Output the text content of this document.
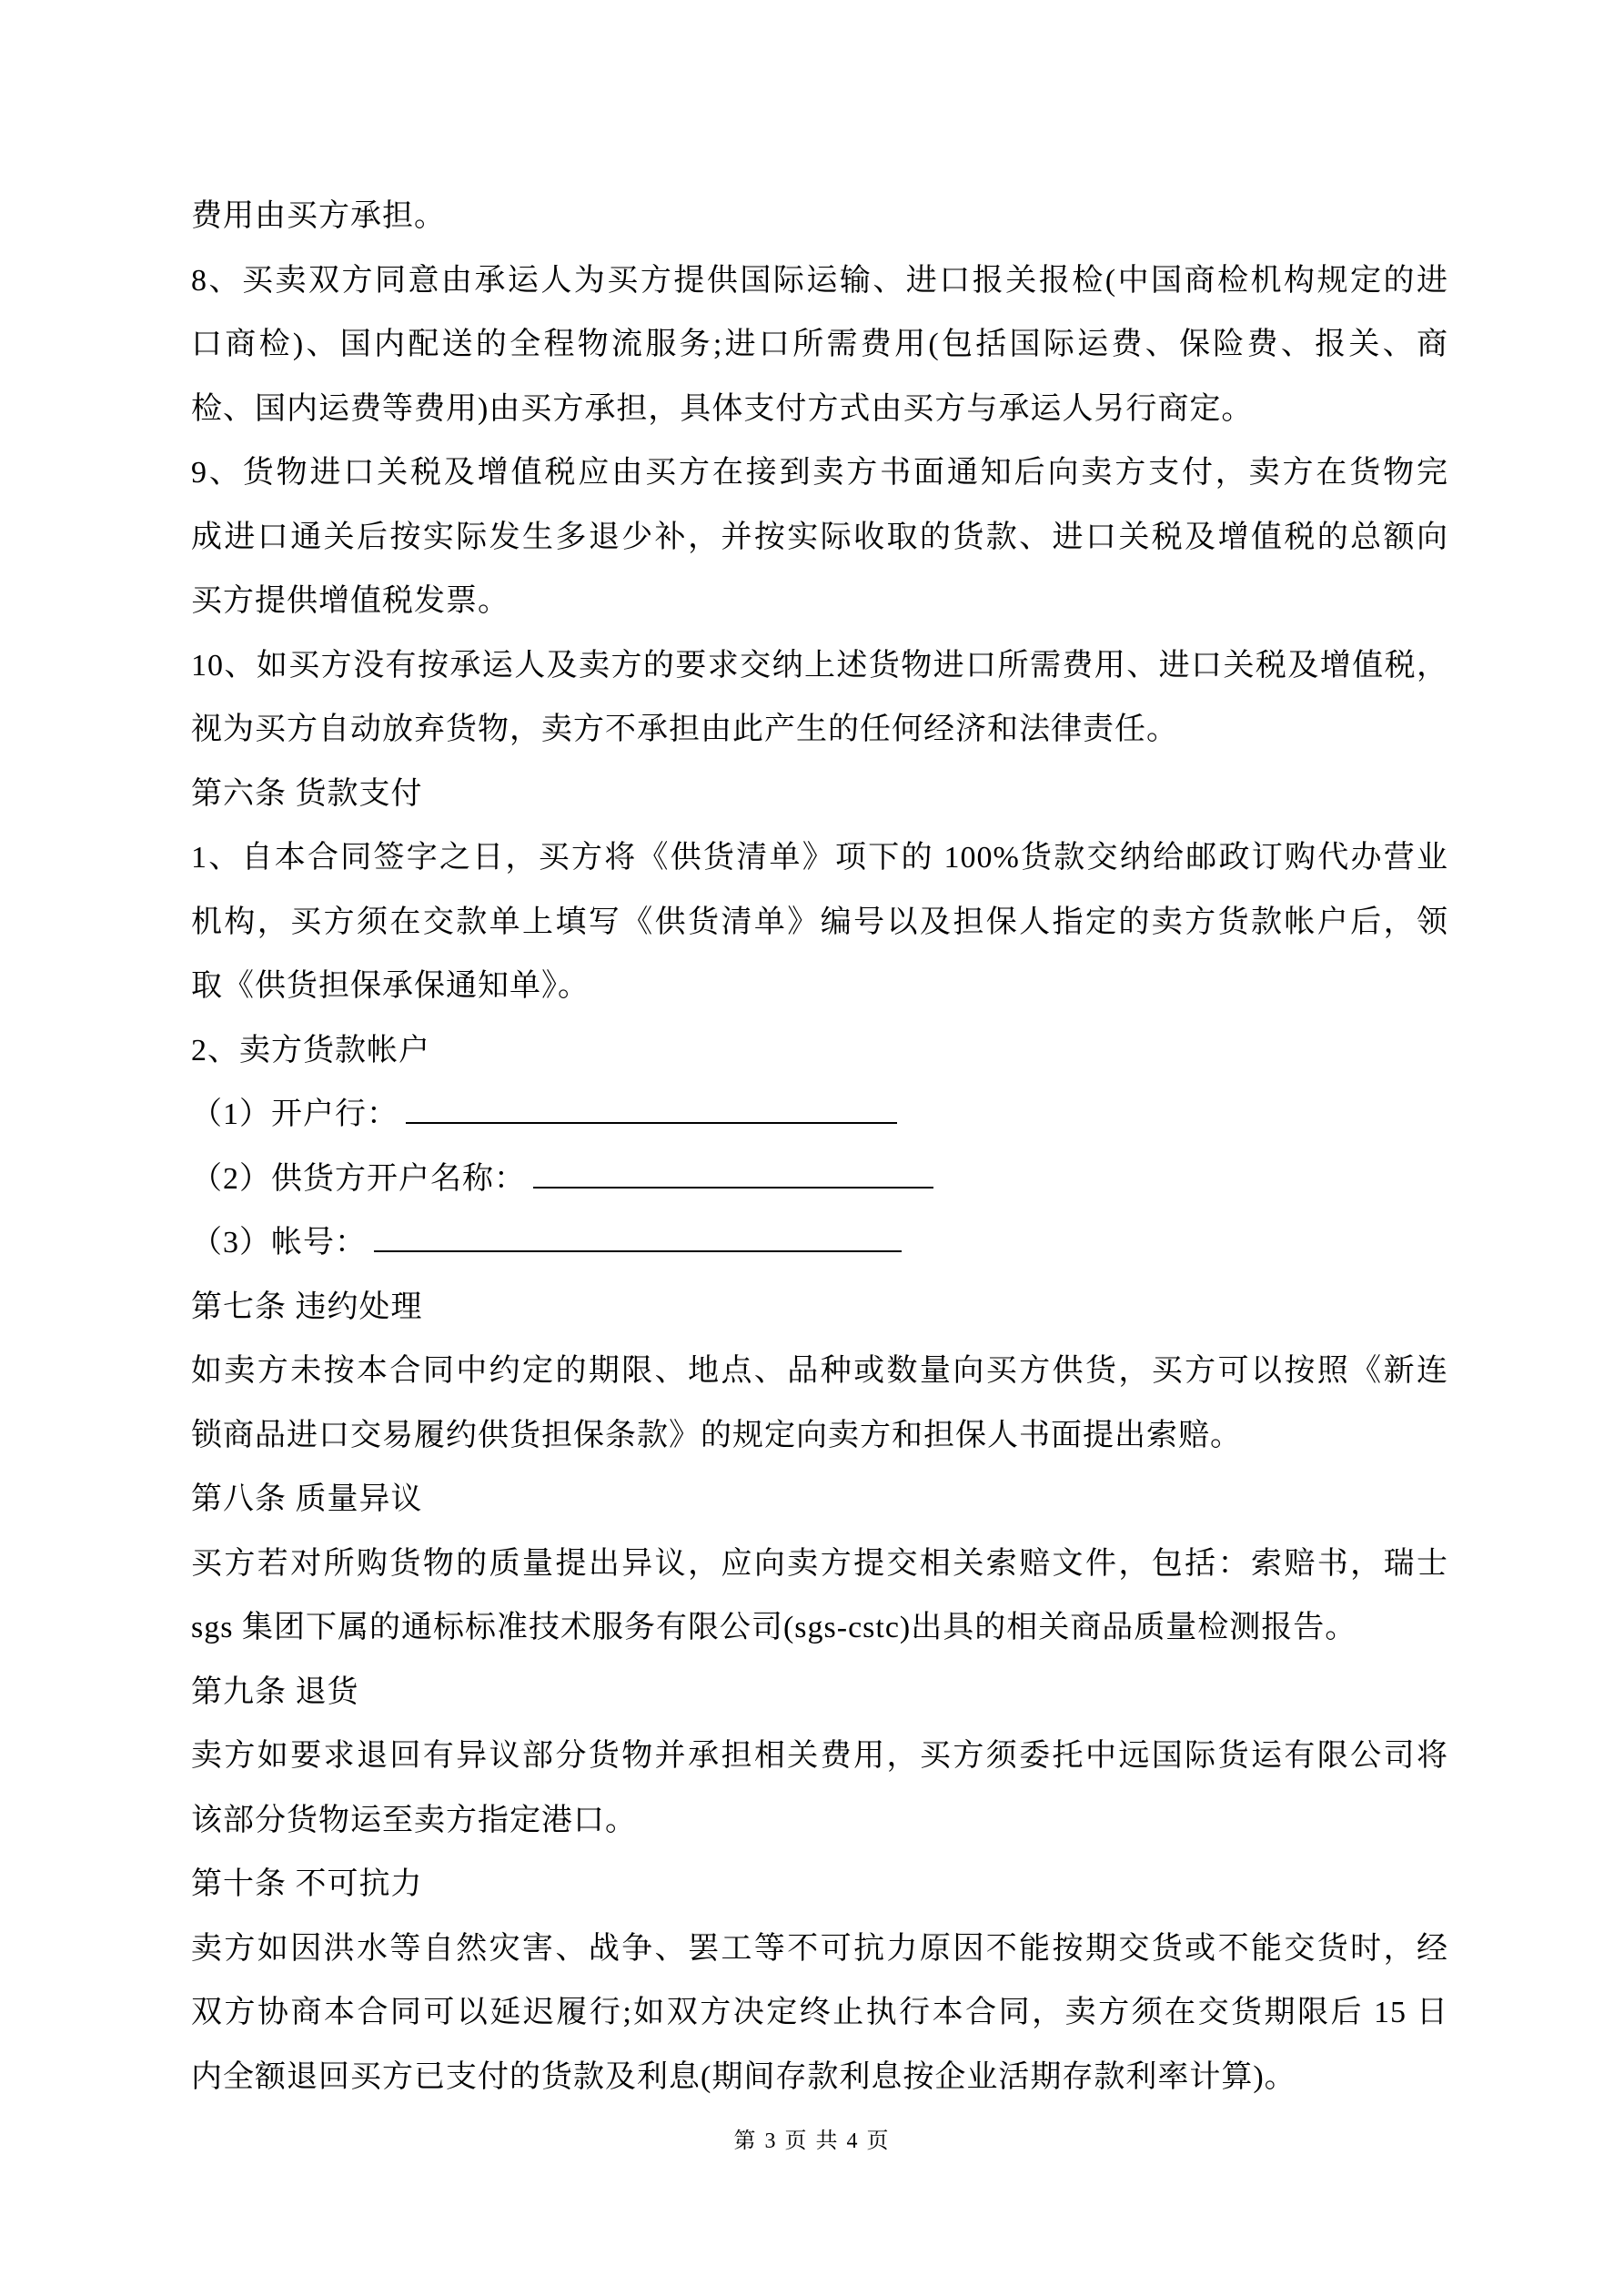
费用由买方承担。
8、买卖双方同意由承运人为买方提供国际运输、进口报关报检(中国商检机构规定的进
口商检)、国内配送的全程物流服务;进口所需费用(包括国际运费、保险费、报关、商
检、国内运费等费用)由买方承担，具体支付方式由买方与承运人另行商定。
9、货物进口关税及增值税应由买方在接到卖方书面通知后向卖方支付，卖方在货物完
成进口通关后按实际发生多退少补，并按实际收取的货款、进口关税及增值税的总额向
买方提供增值税发票。
10、如买方没有按承运人及卖方的要求交纳上述货物进口所需费用、进口关税及增值税，
视为买方自动放弃货物，卖方不承担由此产生的任何经济和法律责任。
第六条 货款支付
1、自本合同签字之日，买方将《供货清单》项下的 100%货款交纳给邮政订购代办营业
机构，买方须在交款单上填写《供货清单》编号以及担保人指定的卖方货款帐户后，领
取《供货担保承保通知单》。
2、卖方货款帐户
（1）开户行：
（2）供货方开户名称：
（3）帐号：
第七条 违约处理
如卖方未按本合同中约定的期限、地点、品种或数量向买方供货，买方可以按照《新连
锁商品进口交易履约供货担保条款》的规定向卖方和担保人书面提出索赔。
第八条 质量异议
买方若对所购货物的质量提出异议，应向卖方提交相关索赔文件，包括：索赔书，瑞士
sgs 集团下属的通标标准技术服务有限公司(sgs-cstc)出具的相关商品质量检测报告。
第九条 退货
卖方如要求退回有异议部分货物并承担相关费用，买方须委托中远国际货运有限公司将
该部分货物运至卖方指定港口。
第十条 不可抗力
卖方如因洪水等自然灾害、战争、罢工等不可抗力原因不能按期交货或不能交货时，经
双方协商本合同可以延迟履行;如双方决定终止执行本合同，卖方须在交货期限后 15 日
内全额退回买方已支付的货款及利息(期间存款利息按企业活期存款利率计算)。
第 3 页 共 4 页
